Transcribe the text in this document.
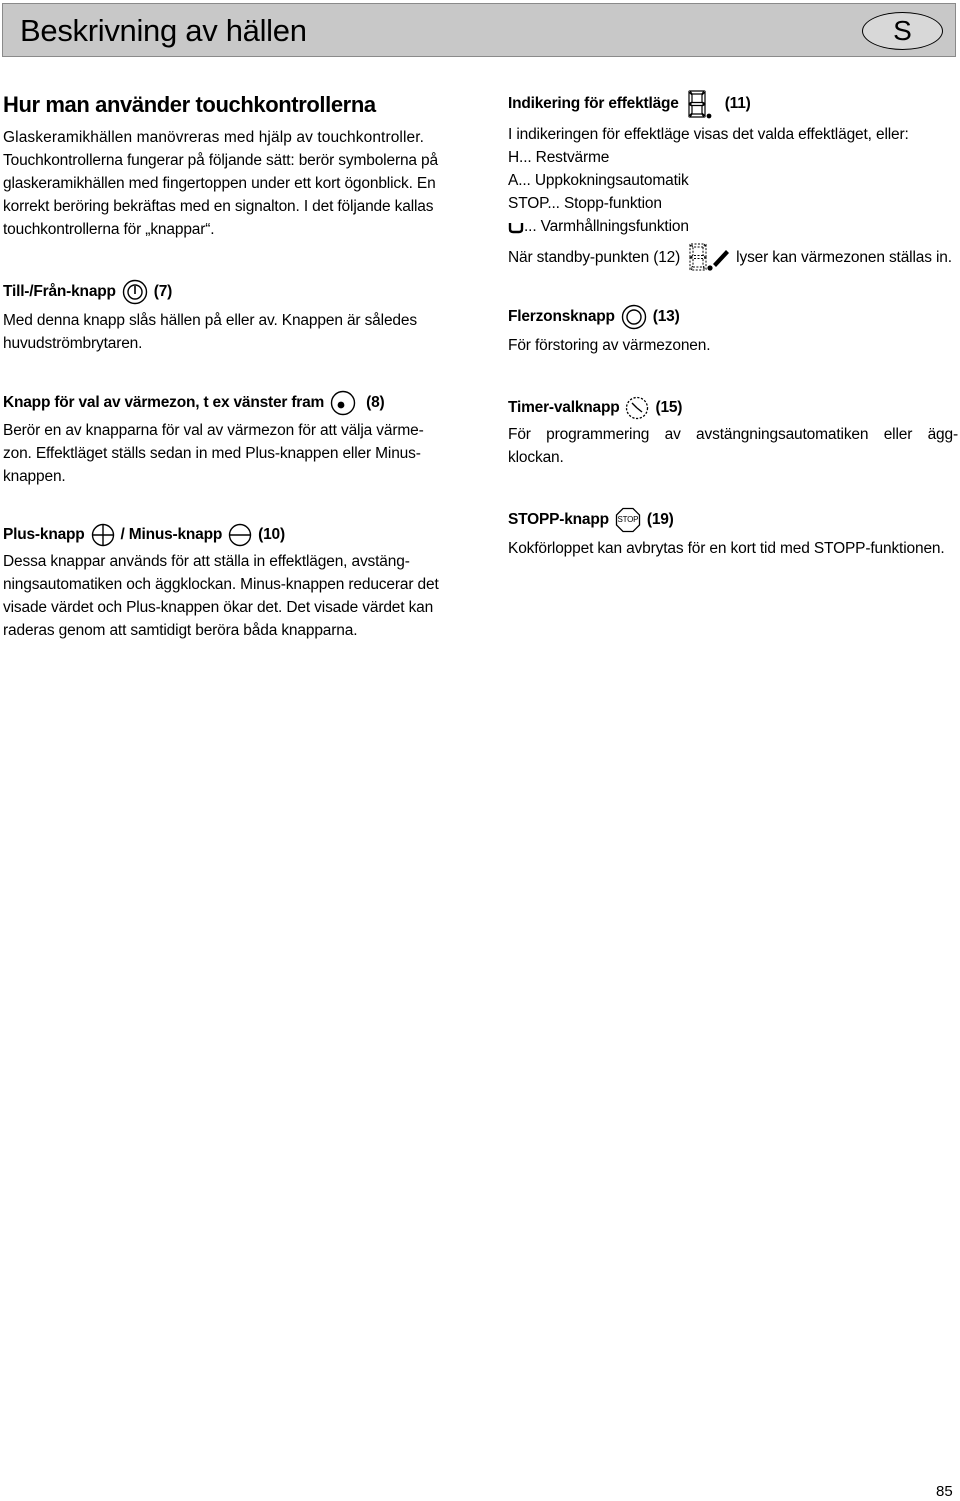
Beskrivning av hällen	S
Hur man använder touchkontrollerna
Glaskeramikhällen manövreras med hjälp av touchkontroller.
Touchkontrollerna fungerar på följande sätt: berör symbolerna på
glaskeramikhällen med fingertoppen under ett kort ögonblick. En
korrekt beröring bekräftas med en signalton. I det följande kallas
touchkontrollerna för „knappar“.
Till-/Från-knapp (7)
Med denna knapp slås hällen på eller av. Knappen är således
huvudströmbrytaren.
Knapp för val av värmezon, t ex vänster fram	(8)
Berör en av knapparna för val av värmezon för att välja värme-
zon. Effektläget ställs sedan in med Plus-knappen eller Minus-
knappen.
Plus-knapp / Minus-knapp (10)
Dessa knappar används för att ställa in effektlägen, avstäng-
ningsautomatiken och äggklockan. Minus-knappen reducerar det
visade värdet och Plus-knappen ökar det. Det visade värdet kan
raderas genom att samtidigt beröra båda knapparna.
Indikering för effektläge	(11)
I indikeringen för effektläge visas det valda effektläget, eller:
H... Restvärme
A... Uppkokningsautomatik
STOP... Stopp-funktion
... Varmhållningsfunktion
När standby-punkten (12)	lyser kan värmezonen ställas in.
Flerzonsknapp (13)
För förstoring av värmezonen.
Timer-valknapp (15)
För programmering av avstängningsautomatiken eller ägg-
klockan.
STOPP-knapp	STOP (19)
Kokförloppet kan avbrytas för en kort tid med STOPP-funktionen.
85
